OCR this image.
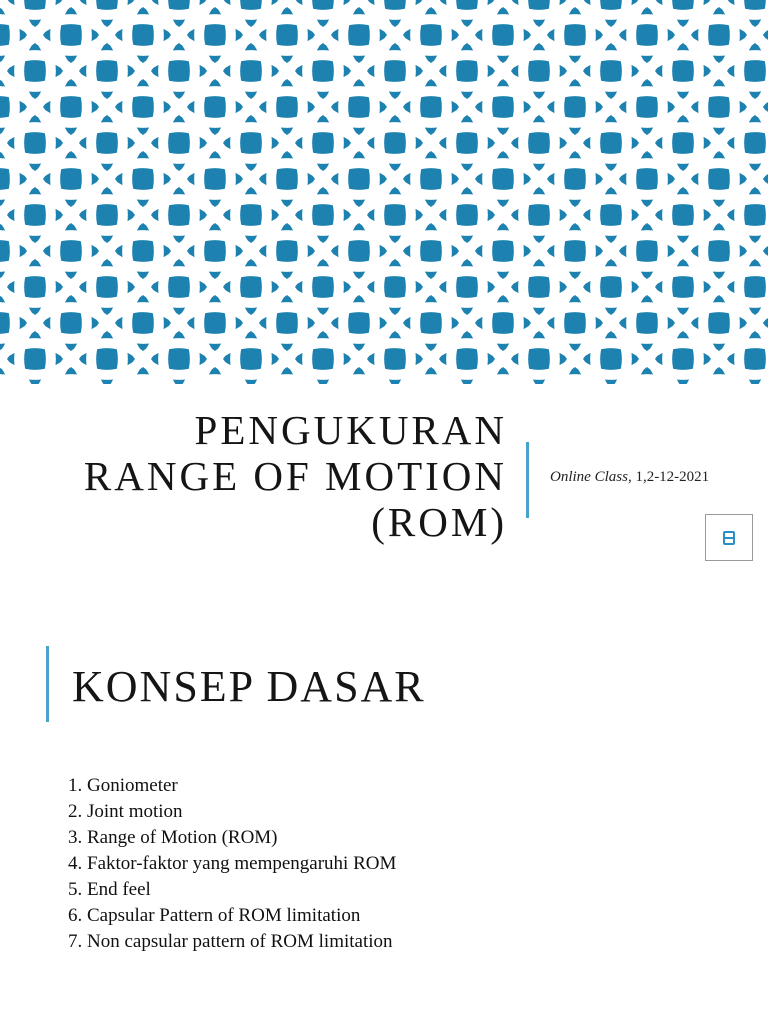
PENGUKURAN
RANGE OF MOTION
(ROM)
Online Class, 1,2-12-2021
KONSEP DASAR
1. Goniometer
2. Joint motion
3. Range of Motion (ROM)
4. Faktor-faktor yang mempengaruhi ROM
5. End feel
6. Capsular Pattern of ROM limitation
7. Non capsular pattern of ROM limitation
